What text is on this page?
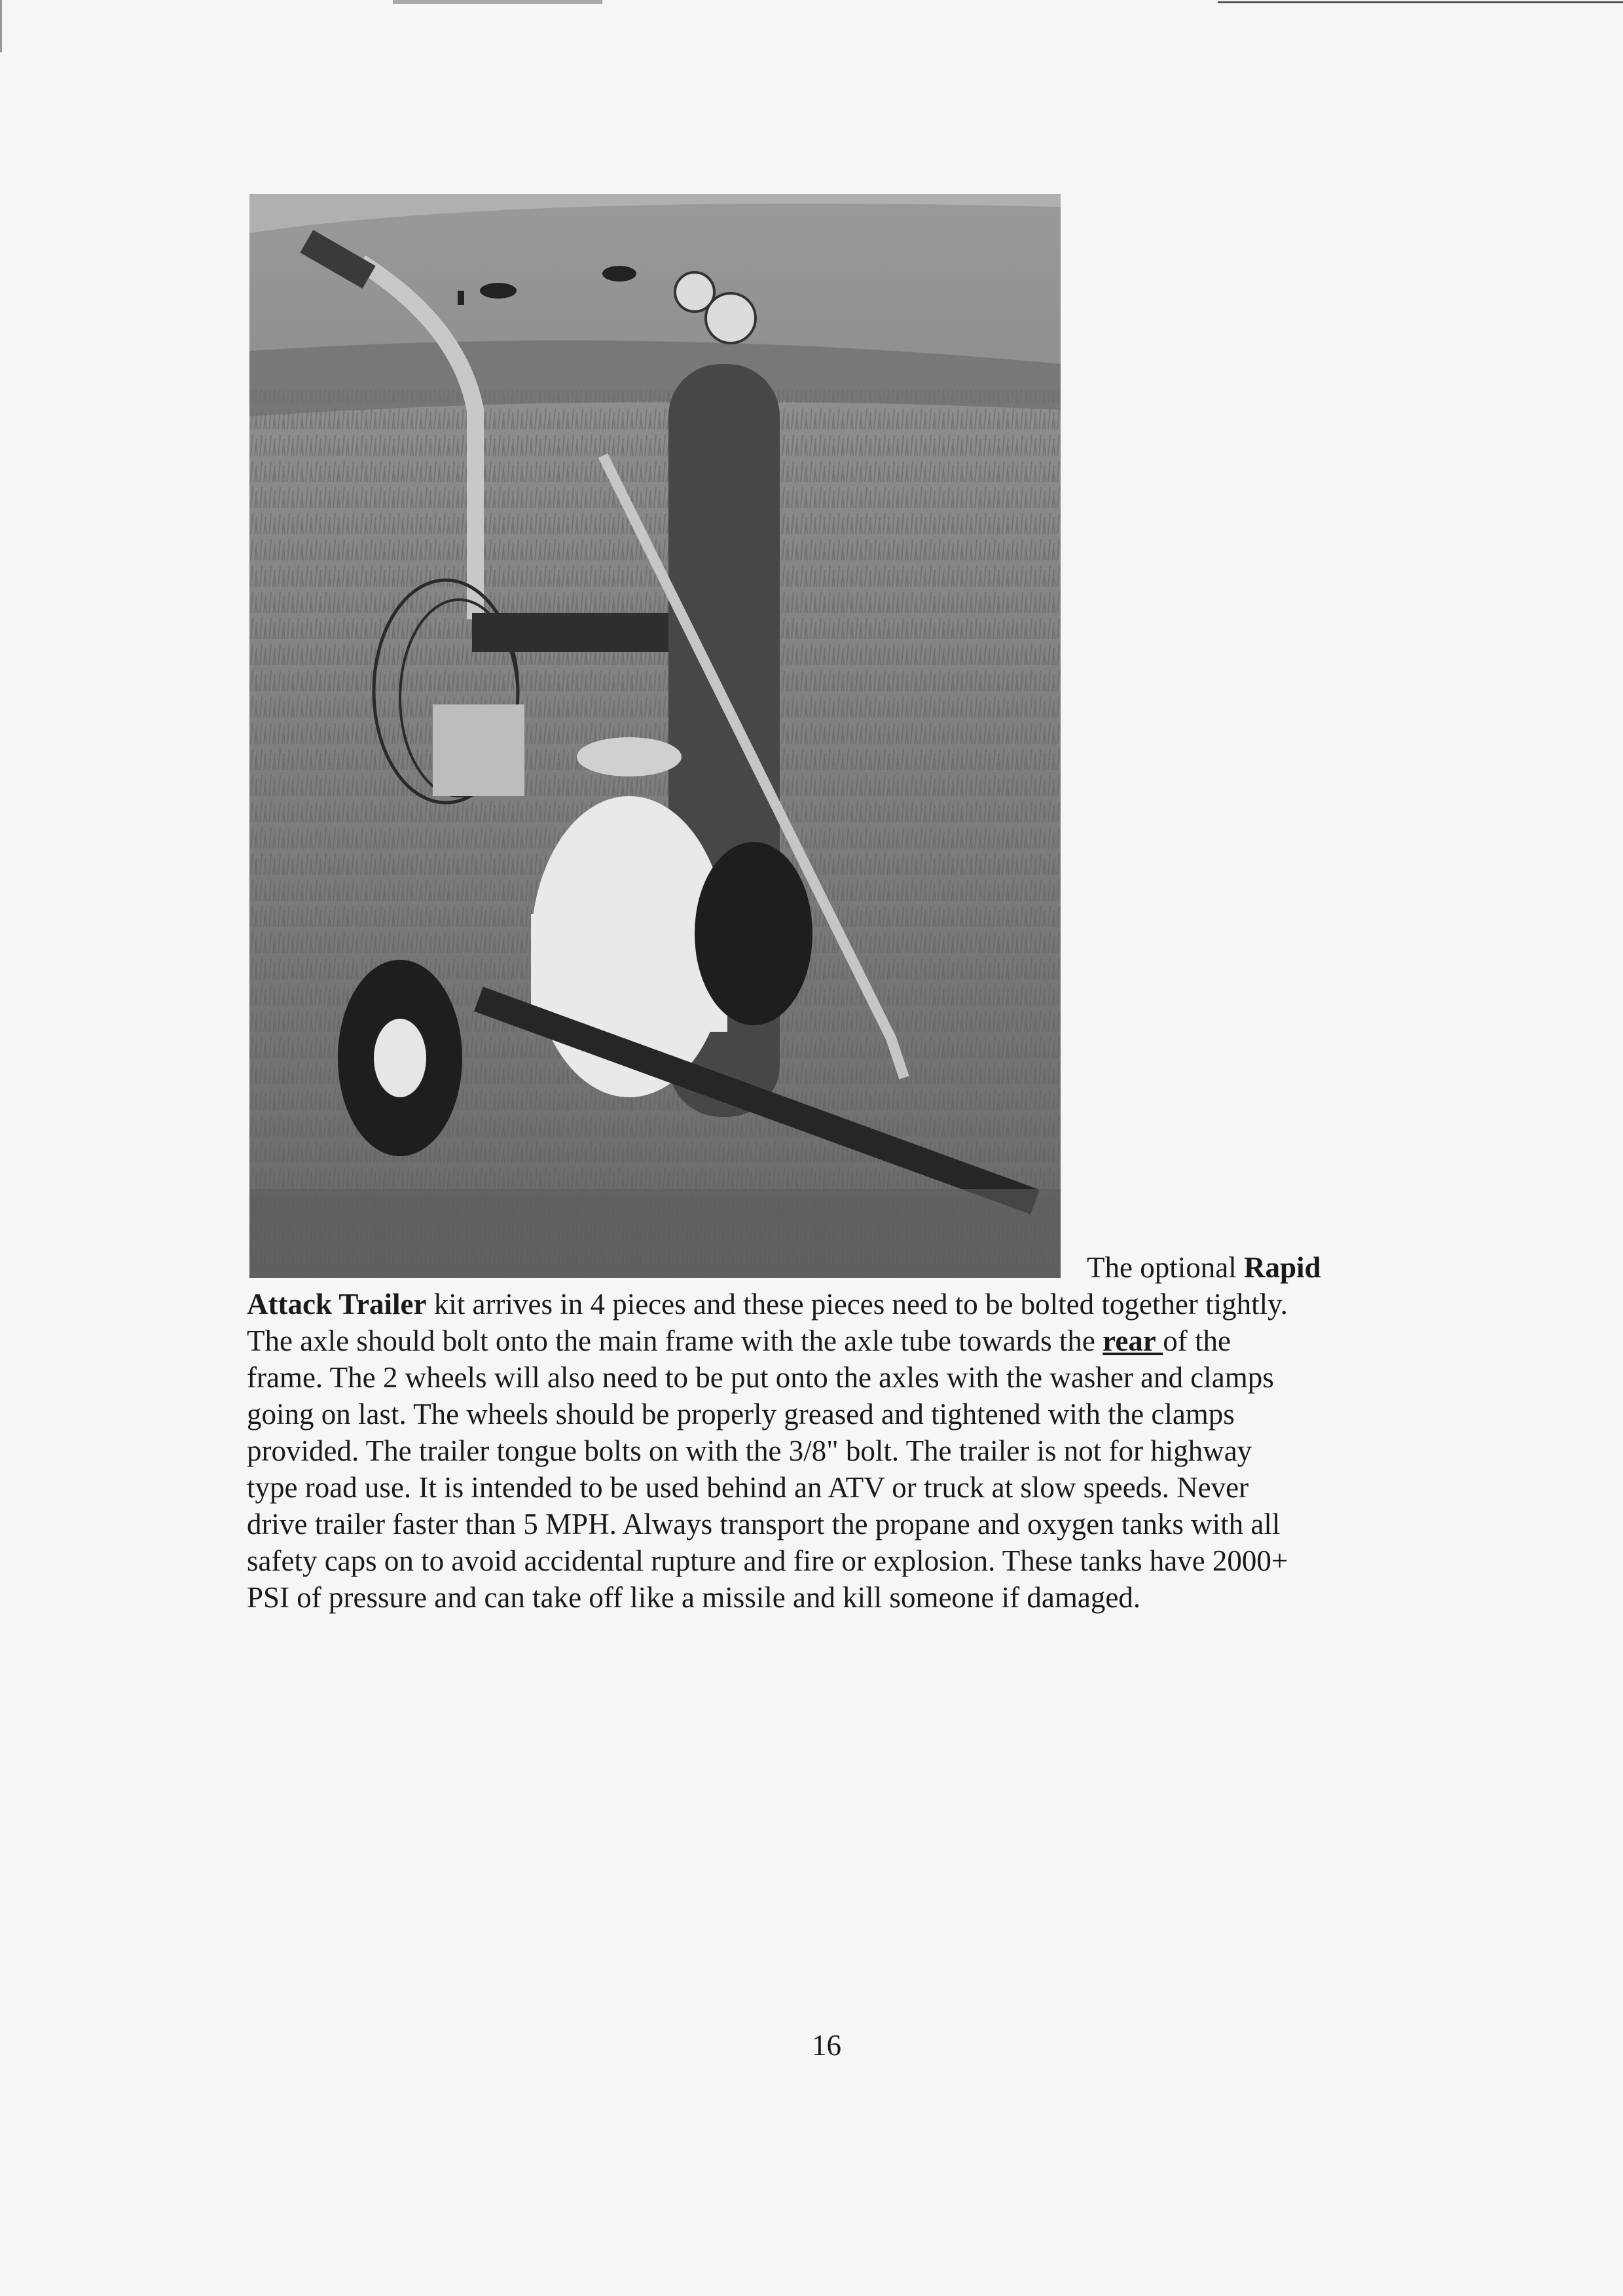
The optional Rapid
Attack Trailer kit arrives in 4 pieces and these pieces need to be bolted together tightly.
The axle should bolt onto the main frame with the axle tube towards the rear of the
frame. The 2 wheels will also need to be put onto the axles with the washer and clamps
going on last. The wheels should be properly greased and tightened with the clamps
provided. The trailer tongue bolts on with the 3/8" bolt. The trailer is not for highway
type road use. It is intended to be used behind an ATV or truck at slow speeds. Never
drive trailer faster than 5 MPH. Always transport the propane and oxygen tanks with all
safety caps on to avoid accidental rupture and fire or explosion. These tanks have 2000+
PSI of pressure and can take off like a missile and kill someone if damaged.
16
